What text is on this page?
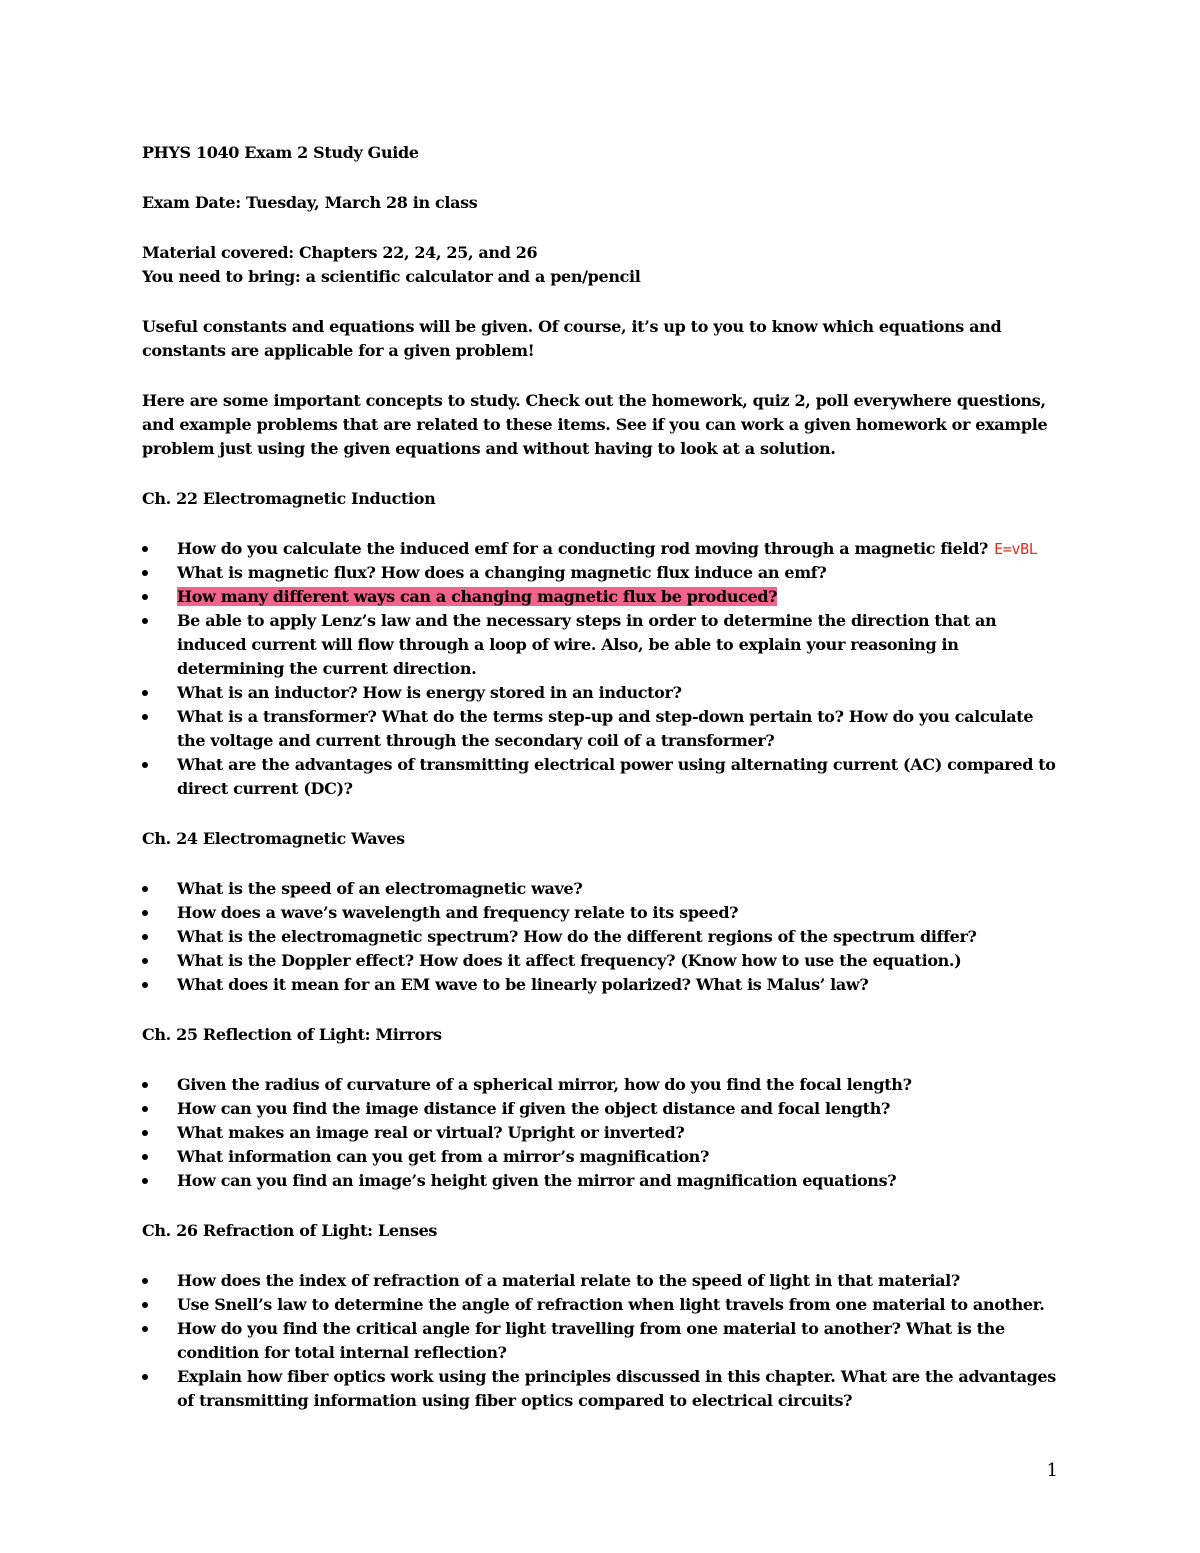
PHYS 1040 Exam 2 Study Guide

Exam Date: Tuesday, March 28 in class

Material covered: Chapters 22, 24, 25, and 26

You need to bring: a scientific calculator and a pen/pencil

Useful constants and equations will be given. Of course, it’s up to you to know which equations and constants are applicable for a given problem!

Here are some important concepts to study. Check out the homework, quiz 2, poll everywhere questions, and example problems that are related to these items. See if you can work a given homework or example problem just using the given equations and without having to look at a solution.

Ch. 22 Electromagnetic Induction

How do you calculate the induced emf for a conducting rod moving through a magnetic field? E=vBL
What is magnetic flux? How does a changing magnetic flux induce an emf?
How many different ways can a changing magnetic flux be produced?
Be able to apply Lenz’s law and the necessary steps in order to determine the direction that an induced current will flow through a loop of wire. Also, be able to explain your reasoning in determining the current direction.
What is an inductor? How is energy stored in an inductor?
What is a transformer? What do the terms step-up and step-down pertain to? How do you calculate the voltage and current through the secondary coil of a transformer?
What are the advantages of transmitting electrical power using alternating current (AC) compared to direct current (DC)?

Ch. 24 Electromagnetic Waves

What is the speed of an electromagnetic wave?
How does a wave’s wavelength and frequency relate to its speed?
What is the electromagnetic spectrum? How do the different regions of the spectrum differ?
What is the Doppler effect? How does it affect frequency? (Know how to use the equation.)
What does it mean for an EM wave to be linearly polarized? What is Malus’ law?

Ch. 25 Reflection of Light: Mirrors

Given the radius of curvature of a spherical mirror, how do you find the focal length?
How can you find the image distance if given the object distance and focal length?
What makes an image real or virtual? Upright or inverted?
What information can you get from a mirror’s magnification?
How can you find an image’s height given the mirror and magnification equations?

Ch. 26 Refraction of Light: Lenses

How does the index of refraction of a material relate to the speed of light in that material?
Use Snell’s law to determine the angle of refraction when light travels from one material to another.
How do you find the critical angle for light travelling from one material to another? What is the condition for total internal reflection?
Explain how fiber optics work using the principles discussed in this chapter. What are the advantages of transmitting information using fiber optics compared to electrical circuits?
1
